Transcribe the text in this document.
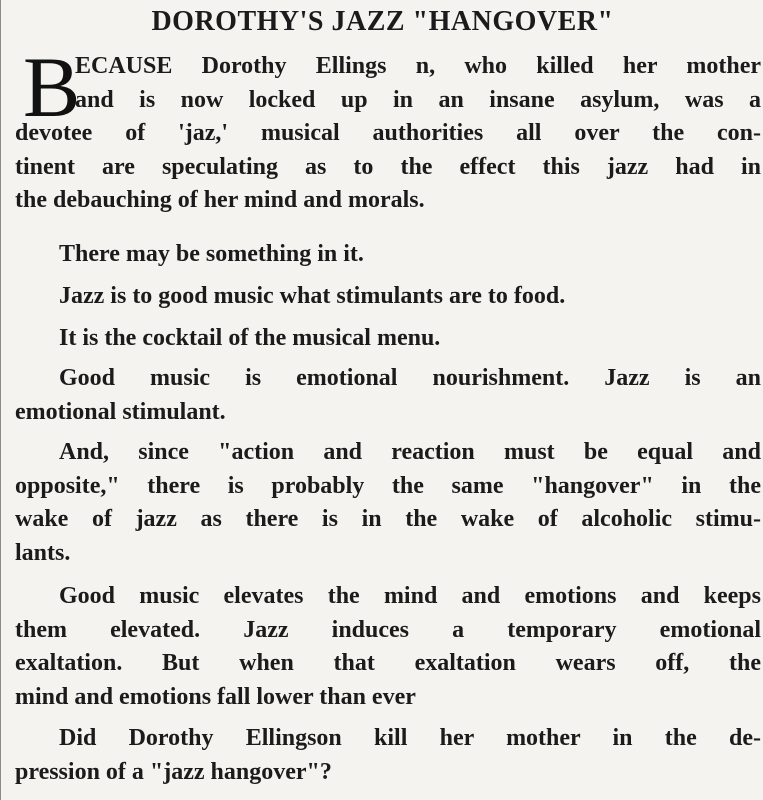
DOROTHY'S JAZZ "HANGOVER"
B

ECAUSE Dorothy Ellings n, who killed her mother
and is now locked up in an insane asylum, was a
devotee of 'jaz,' musical authorities all over the con-
tinent are speculating as to the effect this jazz had in
the debauching of her mind and morals.

There may be something in it.

Jazz is to good music what stimulants are to food.

It is the cocktail of the musical menu.

Good music is emotional nourishment. Jazz is an
emotional stimulant.

And, since "action and reaction must be equal and
opposite," there is probably the same "hangover" in the
wake of jazz as there is in the wake of alcoholic stimu-
lants.

Good music elevates the mind and emotions and keeps
them elevated. Jazz induces a temporary emotional
exaltation. But when that exaltation wears off, the
mind and emotions fall lower than ever

Did Dorothy Ellingson kill her mother in the de-
pression of a "jazz hangover"?
